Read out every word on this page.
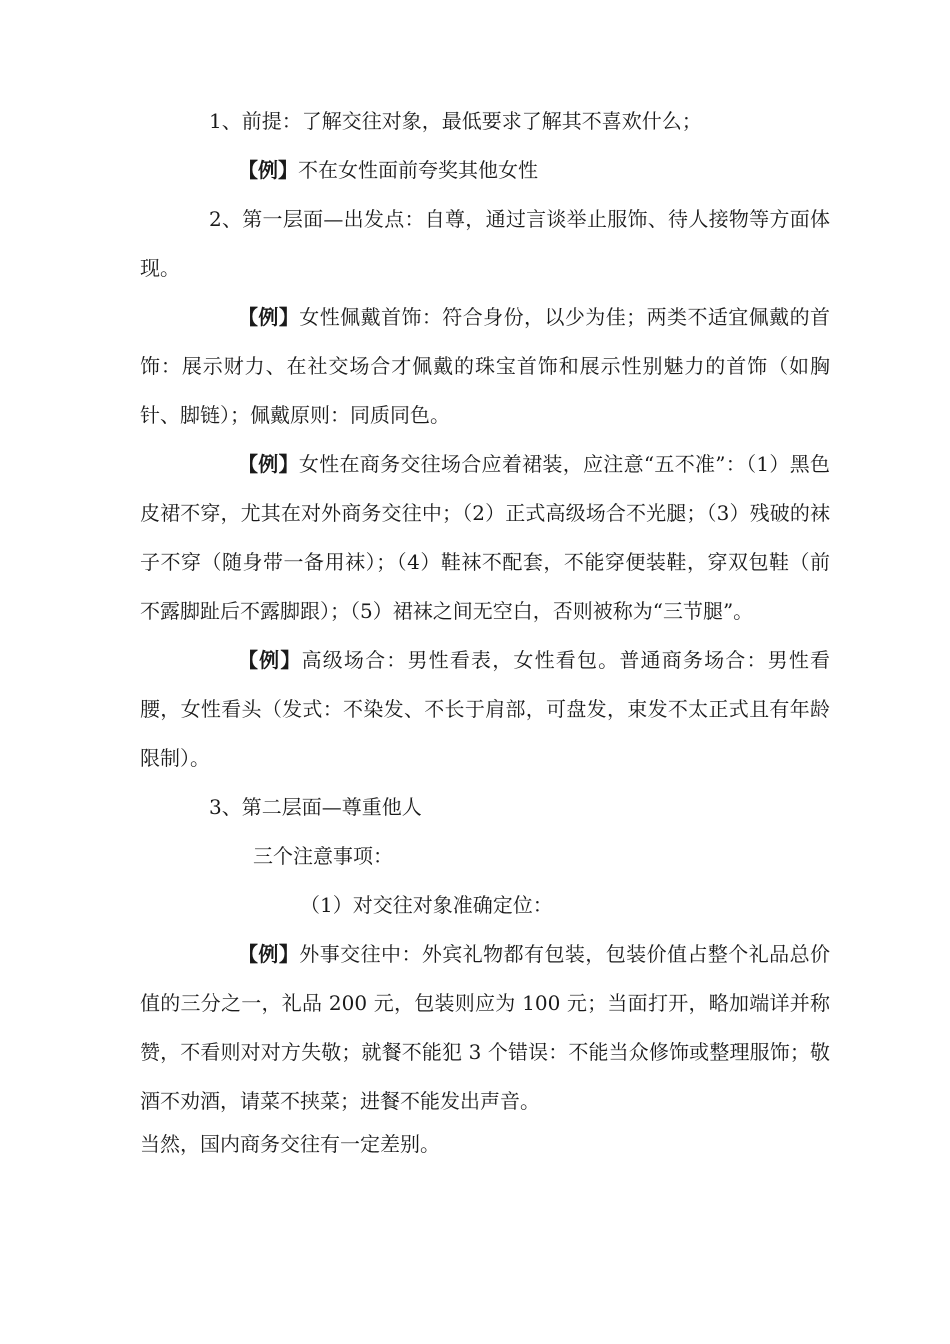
1、前提：了解交往对象，最低要求了解其不喜欢什么；

【例】不在女性面前夸奖其他女性

2、第一层面—出发点：自尊，通过言谈举止服饰、待人接物等方面体现。

【例】女性佩戴首饰：符合身份，以少为佳；两类不适宜佩戴的首饰：展示财力、在社交场合才佩戴的珠宝首饰和展示性别魅力的首饰（如胸针、脚链）；佩戴原则：同质同色。

【例】女性在商务交往场合应着裙装，应注意“五不准”：（1）黑色皮裙不穿，尤其在对外商务交往中；（2）正式高级场合不光腿；（3）残破的袜子不穿（随身带一备用袜）；（4）鞋袜不配套，不能穿便装鞋，穿双包鞋（前不露脚趾后不露脚跟）；（5）裙袜之间无空白，否则被称为“三节腿”。

【例】高级场合：男性看表，女性看包。普通商务场合：男性看腰，女性看头（发式：不染发、不长于肩部，可盘发，束发不太正式且有年龄限制）。

3、第二层面—尊重他人

三个注意事项：

（1）对交往对象准确定位：

【例】外事交往中：外宾礼物都有包装，包装价值占整个礼品总价值的三分之一，礼品 200 元，包装则应为 100 元；当面打开，略加端详并称赞，不看则对对方失敬；就餐不能犯 3 个错误：不能当众修饰或整理服饰；敬酒不劝酒，请菜不挟菜；进餐不能发出声音。

当然，国内商务交往有一定差别。
